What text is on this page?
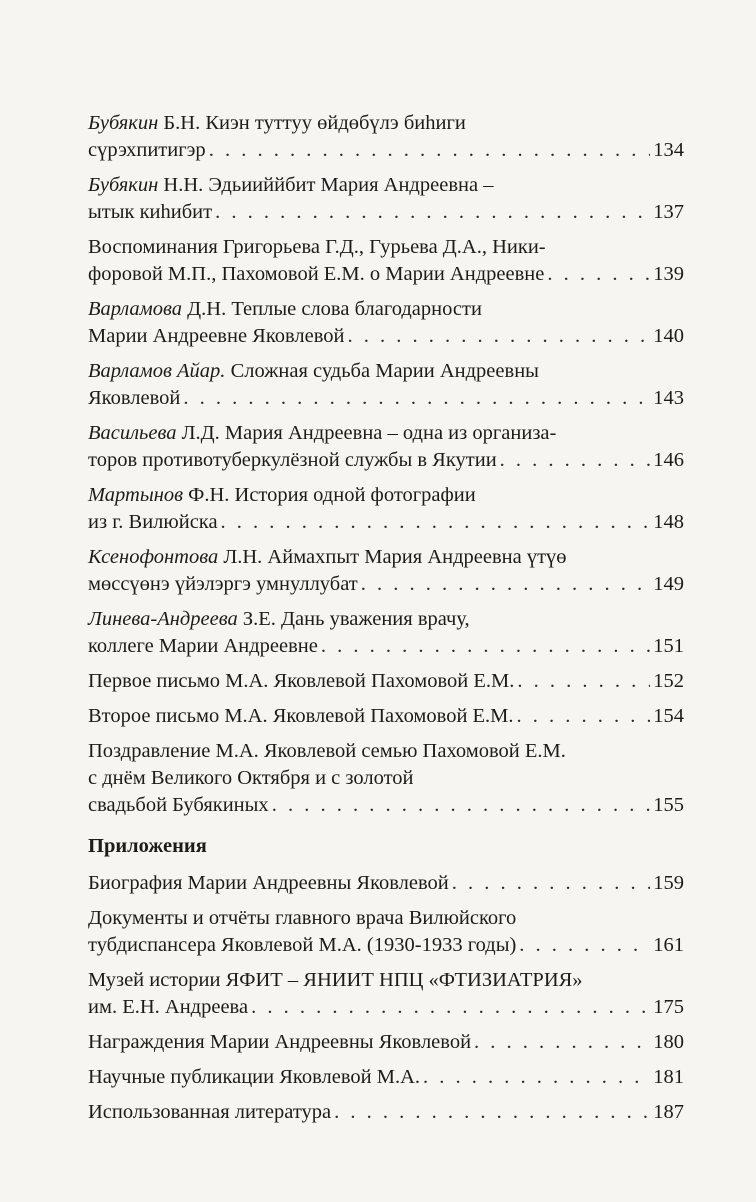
Бубякин Б.Н. Киэн туттуу өйдөбүлэ биһиги
сүрэхпитигэр . . .	134
Бубякин Н.Н. Эдьииййбит Мария Андреевна –
ытык киһибит . . .	137
Воспоминания Григорьева Г.Д., Гурьева Д.А., Ники-
форовой М.П., Пахомовой Е.М. о Марии Андреевне . . .	139
Варламова Д.Н. Теплые слова благодарности
Марии Андреевне Яковлевой . . .	140
Варламов Айар. Сложная судьба Марии Андреевны
Яковлевой . . .	143
Васильева Л.Д. Мария Андреевна – одна из организа-
торов противотуберкулёзной службы в Якутии . . .	146
Мартынов Ф.Н. История одной фотографии
из г. Вилюйска . . .	148
Ксенофонтова Л.Н. Аймахпыт Мария Андреевна үтүө
мөссүөнэ үйэлэргэ умнуллубат . . .	149
Линева-Андреева З.Е. Дань уважения врачу,
коллеге Марии Андреевне . . .	151
Первое письмо М.А. Яковлевой Пахомовой Е.М. . . .	152
Второе письмо М.А. Яковлевой Пахомовой Е.М. . . .	154
Поздравление М.А. Яковлевой семью Пахомовой Е.М.
с днём Великого Октября и с золотой
свадьбой Бубякиных . . .	155
Приложения
Биография Марии Андреевны Яковлевой . . .	159
Документы и отчёты главного врача Вилюйского
тубдиспансера Яковлевой М.А. (1930-1933 годы) . . .	161
Музей истории ЯФИТ – ЯНИИТ НПЦ «ФТИЗИАТРИЯ»
им. Е.Н. Андреева . . .	175
Награждения Марии Андреевны Яковлевой . . .	180
Научные публикации Яковлевой М.А. . . .	181
Использованная литература . . .	187
